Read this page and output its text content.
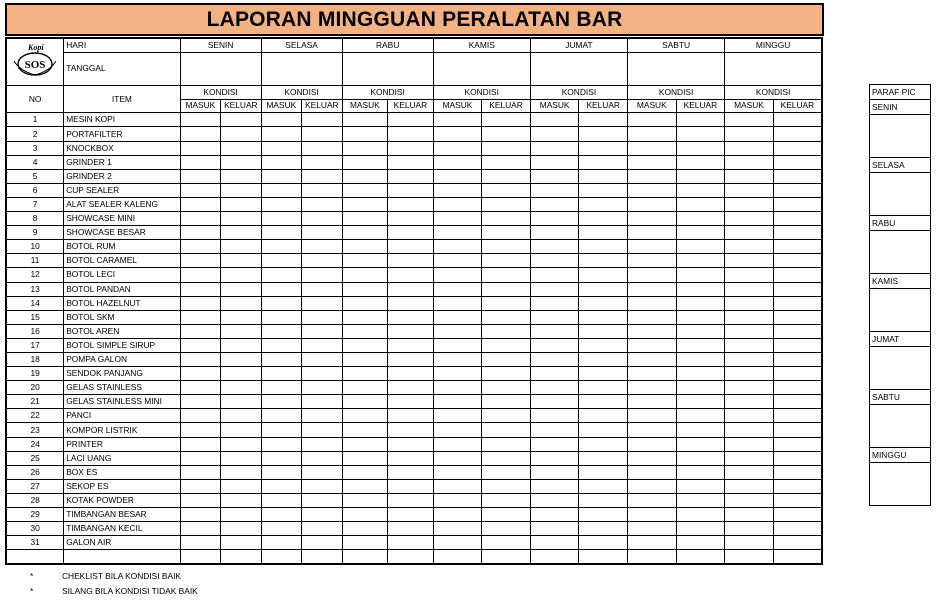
LAPORAN MINGGUAN PERALATAN BAR
Kopi
SOS	HARI	SENIN		SELASA		RABU		KAMIS		JUMAT		SABTU		MINGGU	
	TANGGAL														
NO	ITEM	KONDISI		KONDISI		KONDISI		KONDISI		KONDISI		KONDISI		KONDISI	
		MASUK	KELUAR	MASUK	KELUAR	MASUK	KELUAR	MASUK	KELUAR	MASUK	KELUAR	MASUK	KELUAR	MASUK	KELUAR
1	MESIN KOPI														
2	PORTAFILTER														
3	KNOCKBOX														
4	GRINDER 1														
5	GRINDER 2														
6	CUP SEALER														
7	ALAT SEALER KALENG														
8	SHOWCASE MINI														
9	SHOWCASE BESAR														
10	BOTOL RUM														
11	BOTOL CARAMEL														
12	BOTOL LECI														
13	BOTOL PANDAN														
14	BOTOL HAZELNUT														
15	BOTOL SKM														
16	BOTOL AREN														
17	BOTOL SIMPLE SIRUP														
18	POMPA GALON														
19	SENDOK PANJANG														
20	GELAS STAINLESS														
21	GELAS STAINLESS MINI														
22	PANCI														
23	KOMPOR LISTRIK														
24	PRINTER														
25	LACI UANG														
26	BOX ES														
27	SEKOP ES														
28	KOTAK POWDER														
29	TIMBANGAN BESAR														
30	TIMBANGAN KECIL														
31	GALON AIR														

PARAF PIC
SENIN

SELASA

RABU

KAMIS

JUMAT

SABTU

MINGGU

*	CHEKLIST BILA KONDISI BAIK
*	SILANG BILA KONDISI TIDAK BAIK
